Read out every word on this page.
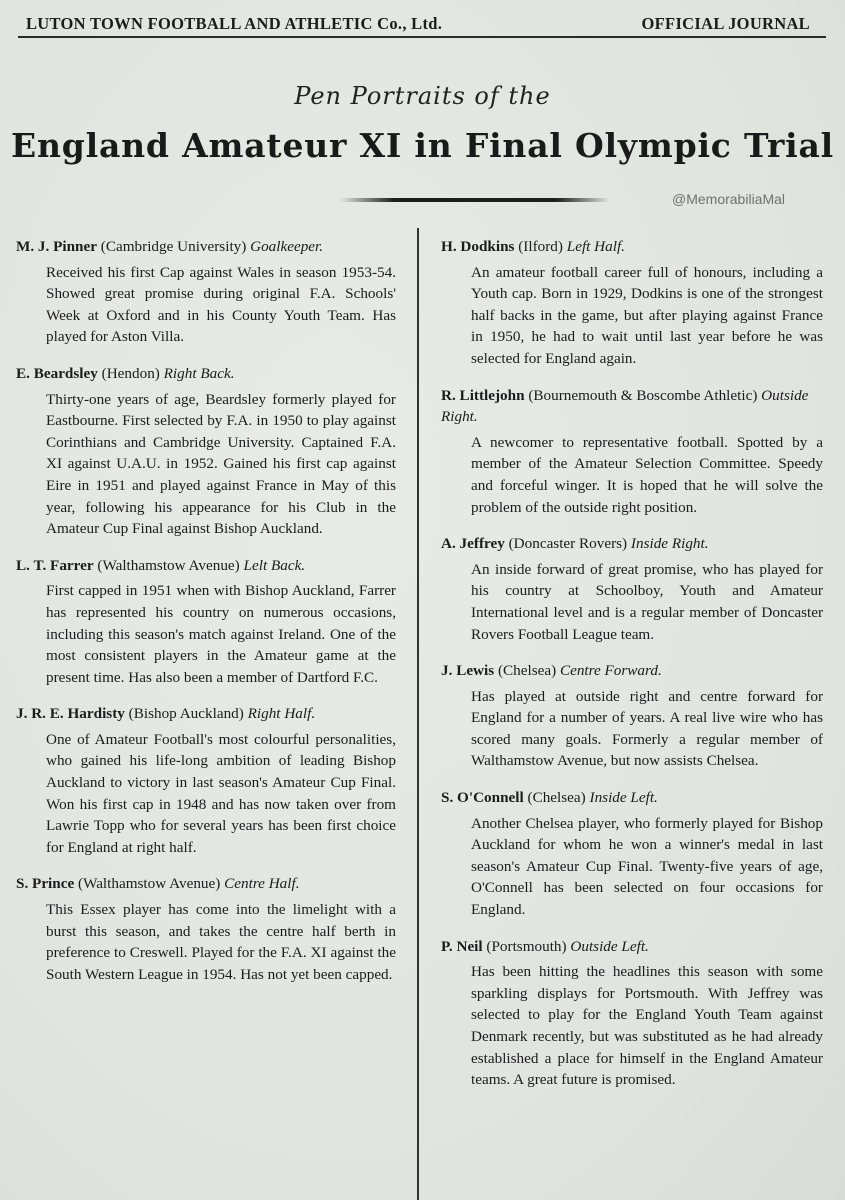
LUTON TOWN FOOTBALL AND ATHLETIC Co., Ltd.	OFFICIAL JOURNAL
Pen Portraits of the
England Amateur XI in Final Olympic Trial
@MemorabiliaMal

M. J. Pinner (Cambridge University) Goalkeeper.

Received his first Cap against Wales in season 1953-54. Showed great promise during original F.A. Schools' Week at Oxford and in his County Youth Team. Has played for Aston Villa.

E. Beardsley (Hendon) Right Back.

Thirty-one years of age, Beardsley formerly played for Eastbourne. First selected by F.A. in 1950 to play against Corinthians and Cambridge University. Captained F.A. XI against U.A.U. in 1952. Gained his first cap against Eire in 1951 and played against France in May of this year, following his appearance for his Club in the Amateur Cup Final against Bishop Auckland.

L. T. Farrer (Walthamstow Avenue) Lelt Back.

First capped in 1951 when with Bishop Auckland, Farrer has represented his country on numerous occasions, including this season's match against Ireland. One of the most consistent players in the Amateur game at the present time. Has also been a member of Dartford F.C.

J. R. E. Hardisty (Bishop Auckland) Right Half.

One of Amateur Football's most colourful personalities, who gained his life-long ambition of leading Bishop Auckland to victory in last season's Amateur Cup Final. Won his first cap in 1948 and has now taken over from Lawrie Topp who for several years has been first choice for England at right half.

S. Prince (Walthamstow Avenue) Centre Half.

This Essex player has come into the limelight with a burst this season, and takes the centre half berth in preference to Creswell. Played for the F.A. XI against the South Western League in 1954. Has not yet been capped.

H. Dodkins (Ilford) Left Half.

An amateur football career full of honours, including a Youth cap. Born in 1929, Dodkins is one of the strongest half backs in the game, but after playing against France in 1950, he had to wait until last year before he was selected for England again.

R. Littlejohn (Bournemouth & Boscombe Athletic) Outside Right.

A newcomer to representative football. Spotted by a member of the Amateur Selection Committee. Speedy and forceful winger. It is hoped that he will solve the problem of the outside right position.

A. Jeffrey (Doncaster Rovers) Inside Right.

An inside forward of great promise, who has played for his country at Schoolboy, Youth and Amateur International level and is a regular member of Doncaster Rovers Football League team.

J. Lewis (Chelsea) Centre Forward.

Has played at outside right and centre forward for England for a number of years. A real live wire who has scored many goals. Formerly a regular member of Walthamstow Avenue, but now assists Chelsea.

S. O'Connell (Chelsea) Inside Left.

Another Chelsea player, who formerly played for Bishop Auckland for whom he won a winner's medal in last season's Amateur Cup Final. Twenty-five years of age, O'Connell has been selected on four occasions for England.

P. Neil (Portsmouth) Outside Left.

Has been hitting the headlines this season with some sparkling displays for Portsmouth. With Jeffrey was selected to play for the England Youth Team against Denmark recently, but was substituted as he had already established a place for himself in the England Amateur teams. A great future is promised.
